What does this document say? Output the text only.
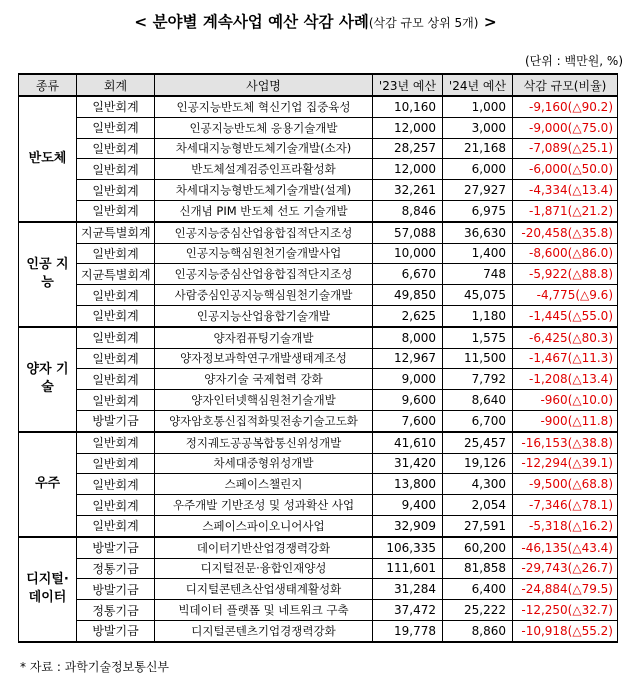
< 분야별 계속사업 예산 삭감 사례(삭감 규모 상위 5개) >
(단위 : 백만원, %)
종류	회계	사업명	'23년 예산	'24년 예산	삭감 규모(비율)
반도체	일반회계	인공지능반도체 혁신기업 집중육성	10,160	1,000	-9,160(△90.2)
	일반회계	인공지능반도체 응용기술개발	12,000	3,000	-9,000(△75.0)
	일반회계	차세대지능형반도체기술개발(소자)	28,257	21,168	-7,089(△25.1)
	일반회계	반도체설계검증인프라활성화	12,000	6,000	-6,000(△50.0)
	일반회계	차세대지능형반도체기술개발(설계)	32,261	27,927	-4,334(△13.4)
	일반회계	신개념 PIM 반도체 선도 기술개발	8,846	6,975	-1,871(△21.2)
인공 지능	지균특별회계	인공지능중심산업융합집적단지조성	57,088	36,630	-20,458(△35.8)
	일반회계	인공지능핵심원천기술개발사업	10,000	1,400	-8,600(△86.0)
	지균특별회계	인공지능중심산업융합집적단지조성	6,670	748	-5,922(△88.8)
	일반회계	사람중심인공지능핵심원천기술개발	49,850	45,075	-4,775(△9.6)
	일반회계	인공지능산업융합기술개발	2,625	1,180	-1,445(△55.0)
양자 기술	일반회계	양자컴퓨팅기술개발	8,000	1,575	-6,425(△80.3)
	일반회계	양자정보과학연구개발생태계조성	12,967	11,500	-1,467(△11.3)
	일반회계	양자기술 국제협력 강화	9,000	7,792	-1,208(△13.4)
	일반회계	양자인터넷핵심원천기술개발	9,600	8,640	-960(△10.0)
	방발기금	양자암호통신집적화및전송기술고도화	7,600	6,700	-900(△11.8)
우주	일반회계	정지궤도공공복합통신위성개발	41,610	25,457	-16,153(△38.8)
	일반회계	차세대중형위성개발	31,420	19,126	-12,294(△39.1)
	일반회계	스페이스챌린지	13,800	4,300	-9,500(△68.8)
	일반회계	우주개발 기반조성 및 성과확산 사업	9,400	2,054	-7,346(△78.1)
	일반회계	스페이스파이오니어사업	32,909	27,591	-5,318(△16.2)
디지털· 데이터	방발기금	데이터기반산업경쟁력강화	106,335	60,200	-46,135(△43.4)
	정통기금	디지털전문·융합인재양성	111,601	81,858	-29,743(△26.7)
	방발기금	디지털콘텐츠산업생태계활성화	31,284	6,400	-24,884(△79.5)
	정통기금	빅데이터 플랫폼 및 네트워크 구축	37,472	25,222	-12,250(△32.7)
	방발기금	디지털콘텐츠기업경쟁력강화	19,778	8,860	-10,918(△55.2)
* 자료 : 과학기술정보통신부
